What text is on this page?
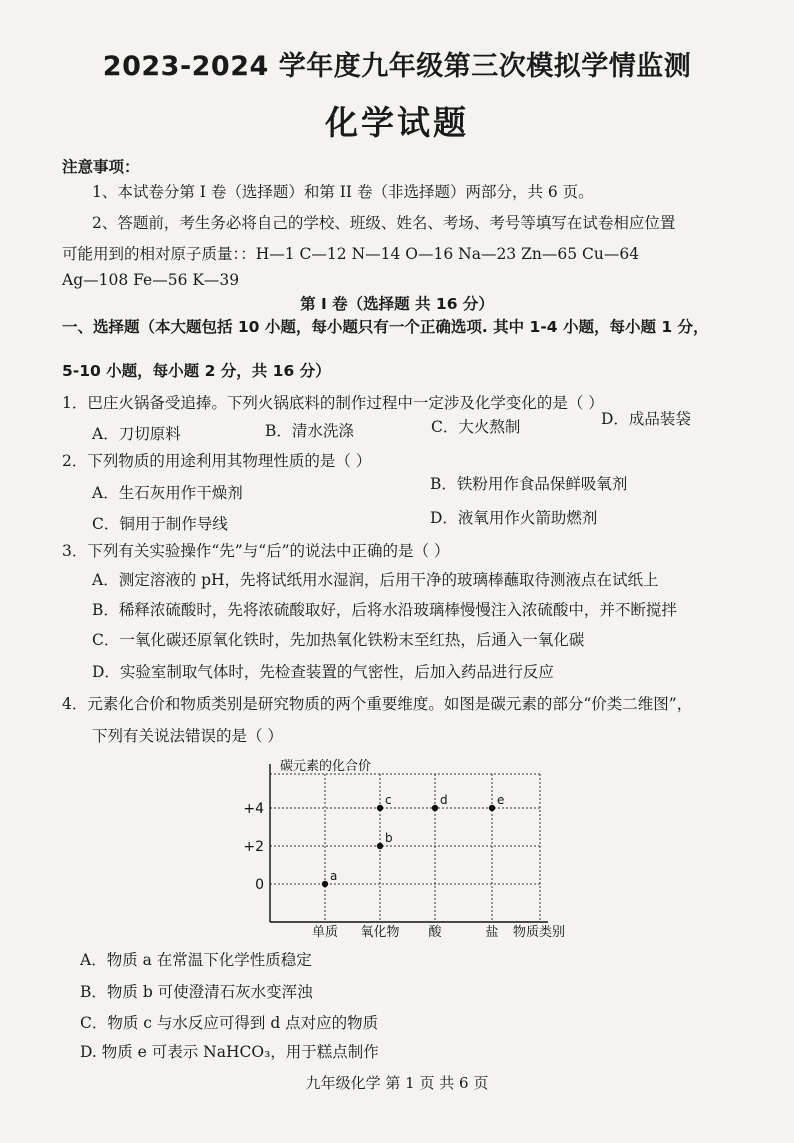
2023-2024 学年度九年级第三次模拟学情监测
化学试题
注意事项：
1、本试卷分第 I 卷（选择题）和第 II 卷（非选择题）两部分，共 6 页。
2、答题前，考生务必将自己的学校、班级、姓名、考场、考号等填写在试卷相应位置
可能用到的相对原子质量：：H—1 C—12 N—14 O—16 Na—23 Zn—65 Cu—64
Ag—108 Fe—56 K—39
第 I 卷（选择题 共 16 分）
一、选择题（本大题包括 10 小题，每小题只有一个正确选项. 其中 1-4 小题，每小题 1 分，
5-10 小题，每小题 2 分，共 16 分）
1．巴庄火锅备受追捧。下列火锅底料的制作过程中一定涉及化学变化的是（ ）
A．刀切原料	B．清水洗涤	C．大火熬制	D．成品装袋
2．下列物质的用途利用其物理性质的是（ ）
A．生石灰用作干燥剂	B．铁粉用作食品保鲜吸氧剂
C．铜用于制作导线	D．液氧用作火箭助燃剂
3．下列有关实验操作“先”与“后”的说法中正确的是（ ）
A．测定溶液的 pH，先将试纸用水湿润，后用干净的玻璃棒蘸取待测液点在试纸上
B．稀释浓硫酸时，先将浓硫酸取好，后将水沿玻璃棒慢慢注入浓硫酸中，并不断搅拌
C．一氧化碳还原氧化铁时，先加热氧化铁粉末至红热，后通入一氧化碳
D．实验室制取气体时，先检查装置的气密性，后加入药品进行反应
4．元素化合价和物质类别是研究物质的两个重要维度。如图是碳元素的部分“价类二维图”，
下列有关说法错误的是（ ）
碳元素的化合价
物质类别
+4
+2
0
单质 氧化物 酸	盐
a
b
c	d	e
A．物质 a 在常温下化学性质稳定
B．物质 b 可使澄清石灰水变浑浊
C．物质 c 与水反应可得到 d 点对应的物质
D. 物质 e 可表示 NaHCO₃，用于糕点制作
九年级化学 第 1 页 共 6 页
